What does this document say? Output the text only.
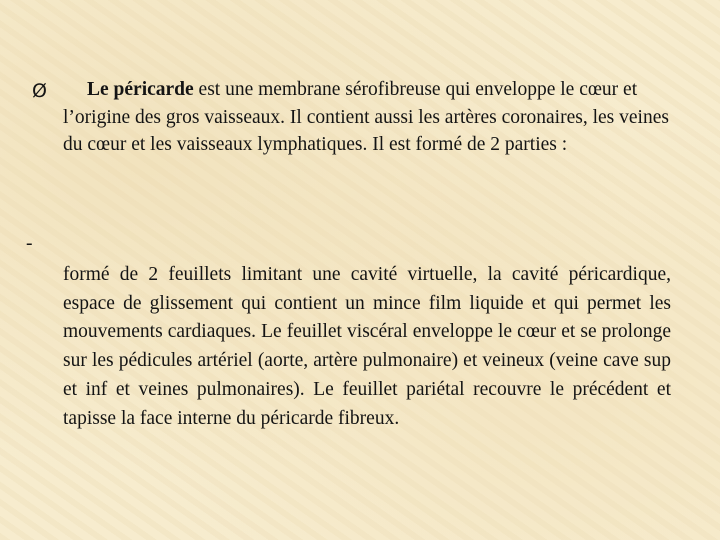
Ø	Le péricarde est une membrane sérofibreuse qui enveloppe le cœur et l’origine des gros vaisseaux. Il contient aussi les artères coronaires, les veines du cœur et les vaisseaux lymphatiques. Il est formé de 2 parties :
-
formé de 2 feuillets limitant une cavité virtuelle, la cavité péricardique, espace de glissement qui contient un mince film liquide et qui permet les mouvements cardiaques. Le feuillet viscéral enveloppe le cœur et se prolonge sur les pédicules artériel (aorte, artère pulmonaire) et veineux (veine cave sup et inf et veines pulmonaires). Le feuillet pariétal recouvre le précédent et tapisse la face interne du péricarde fibreux.
